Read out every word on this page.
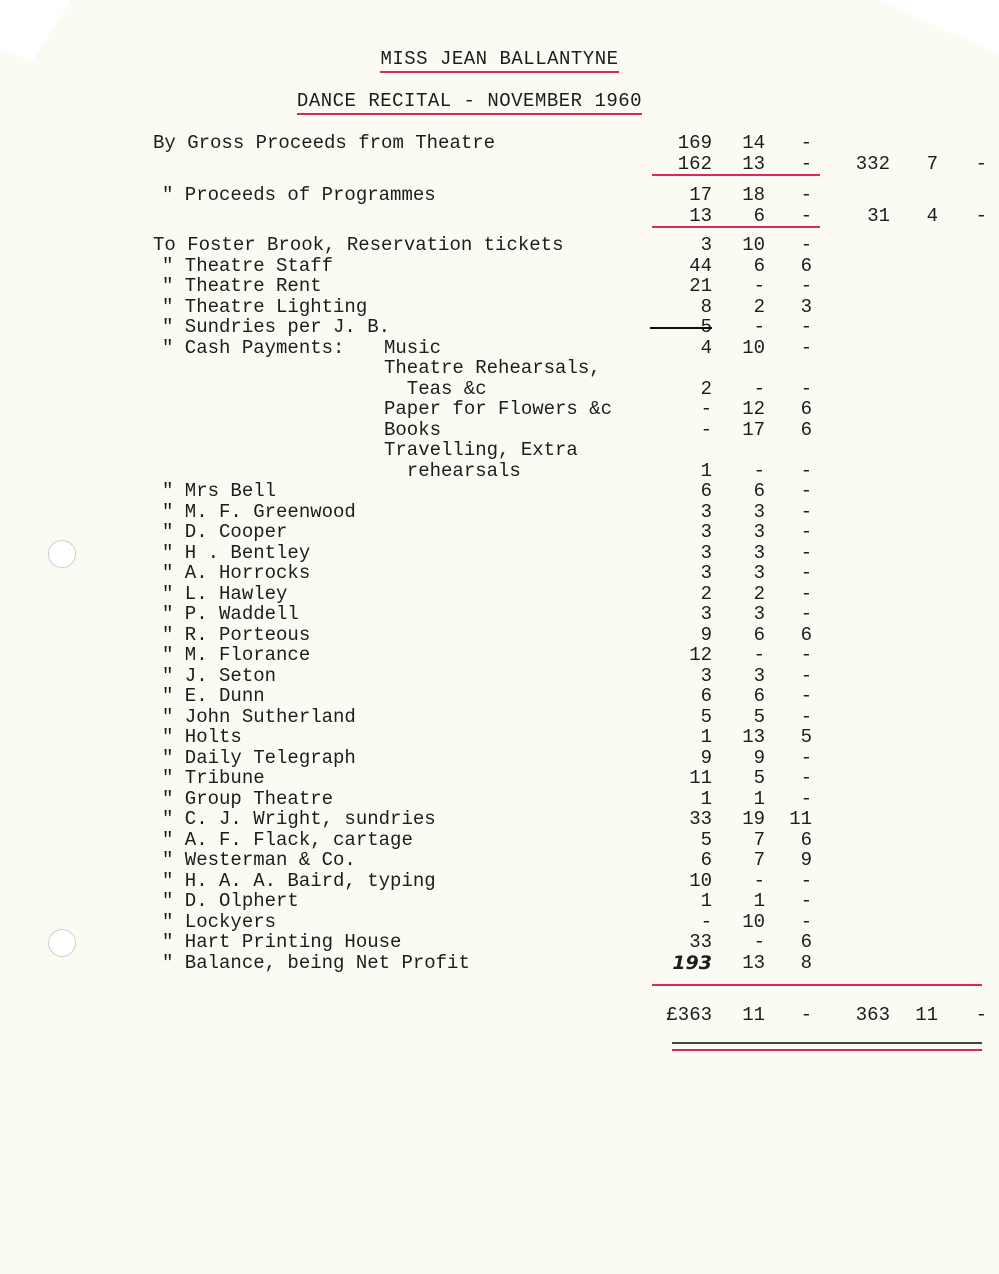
MISS JEAN BALLANTYNE
DANCE RECITAL - NOVEMBER 1960
By Gross Proceeds from Theatre	169	14	-
162	13	-	332	7	-
" Proceeds of Programmes	17	18	-
13	6	-	31	4	-
To Foster Brook, Reservation tickets	3	10	-
" Theatre Staff	44	6	6
" Theatre Rent	21	-	-
" Theatre Lighting	8	2	3
" Sundries per J. B.	5	-	-
" Cash Payments: Music	4	10	-
Theatre Rehearsals,
Teas &c	2	-	-
Paper for Flowers &c	-	12	6
Books	-	17	6
Travelling, Extra
rehearsals	1	-	-
" Mrs Bell	6	6	-
" M. F. Greenwood	3	3	-
" D. Cooper	3	3	-
" H . Bentley	3	3	-
" A. Horrocks	3	3	-
" L. Hawley	2	2	-
" P. Waddell	3	3	-
" R. Porteous	9	6	6
" M. Florance	12	-	-
" J. Seton	3	3	-
" E. Dunn	6	6	-
" John Sutherland	5	5	-
" Holts	1	13	5
" Daily Telegraph	9	9	-
" Tribune	11	5	-
" Group Theatre	1	1	-
" C. J. Wright, sundries	33	19	11
" A. F. Flack, cartage	5	7	6
" Westerman & Co.	6	7	9
" H. A. A. Baird, typing	10	-	-
" D. Olphert	1	1	-
" Lockyers	-	10	-
" Hart Printing House	33	-	6
" Balance, being Net Profit	193	13	8
£363	11	-	363	11	-
